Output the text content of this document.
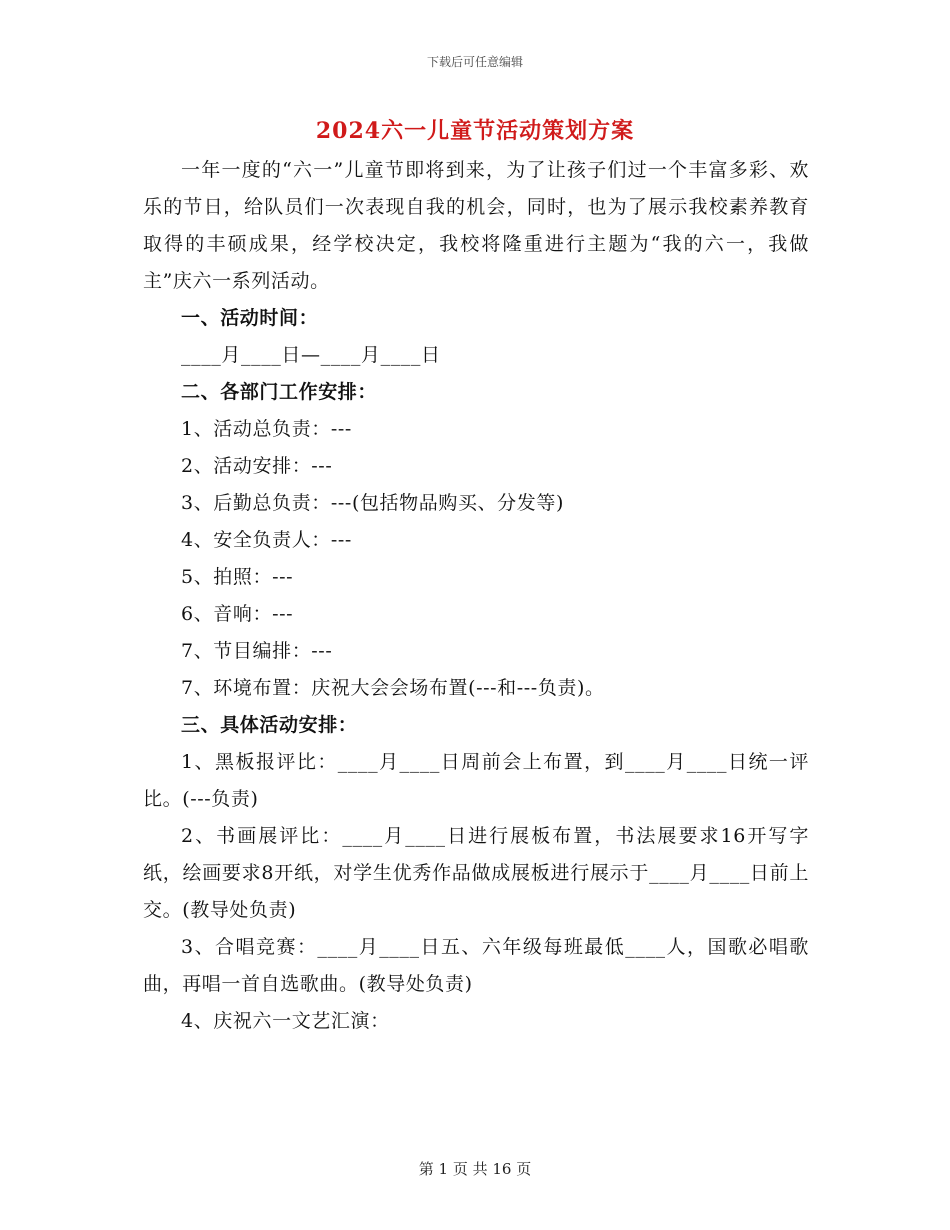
下载后可任意编辑
2024六一儿童节活动策划方案

一年一度的“六一”儿童节即将到来，为了让孩子们过一个丰富多彩、欢乐的节日，给队员们一次表现自我的机会，同时，也为了展示我校素养教育取得的丰硕成果，经学校决定，我校将隆重进行主题为“我的六一，我做主”庆六一系列活动。

一、活动时间：

____月____日—____月____日

二、各部门工作安排：

1、活动总负责：---

2、活动安排：---

3、后勤总负责：---(包括物品购买、分发等)

4、安全负责人：---

5、拍照：---

6、音响：---

7、节目编排：---

7、环境布置：庆祝大会会场布置(---和---负责)。

三、具体活动安排：

1、黑板报评比：____月____日周前会上布置，到____月____日统一评比。(---负责)

2、书画展评比：____月____日进行展板布置，书法展要求16开写字纸，绘画要求8开纸，对学生优秀作品做成展板进行展示于____月____日前上交。(教导处负责)

3、合唱竞赛：____月____日五、六年级每班最低____人，国歌必唱歌曲，再唱一首自选歌曲。(教导处负责)

4、庆祝六一文艺汇演：

第 1 页 共 16 页
